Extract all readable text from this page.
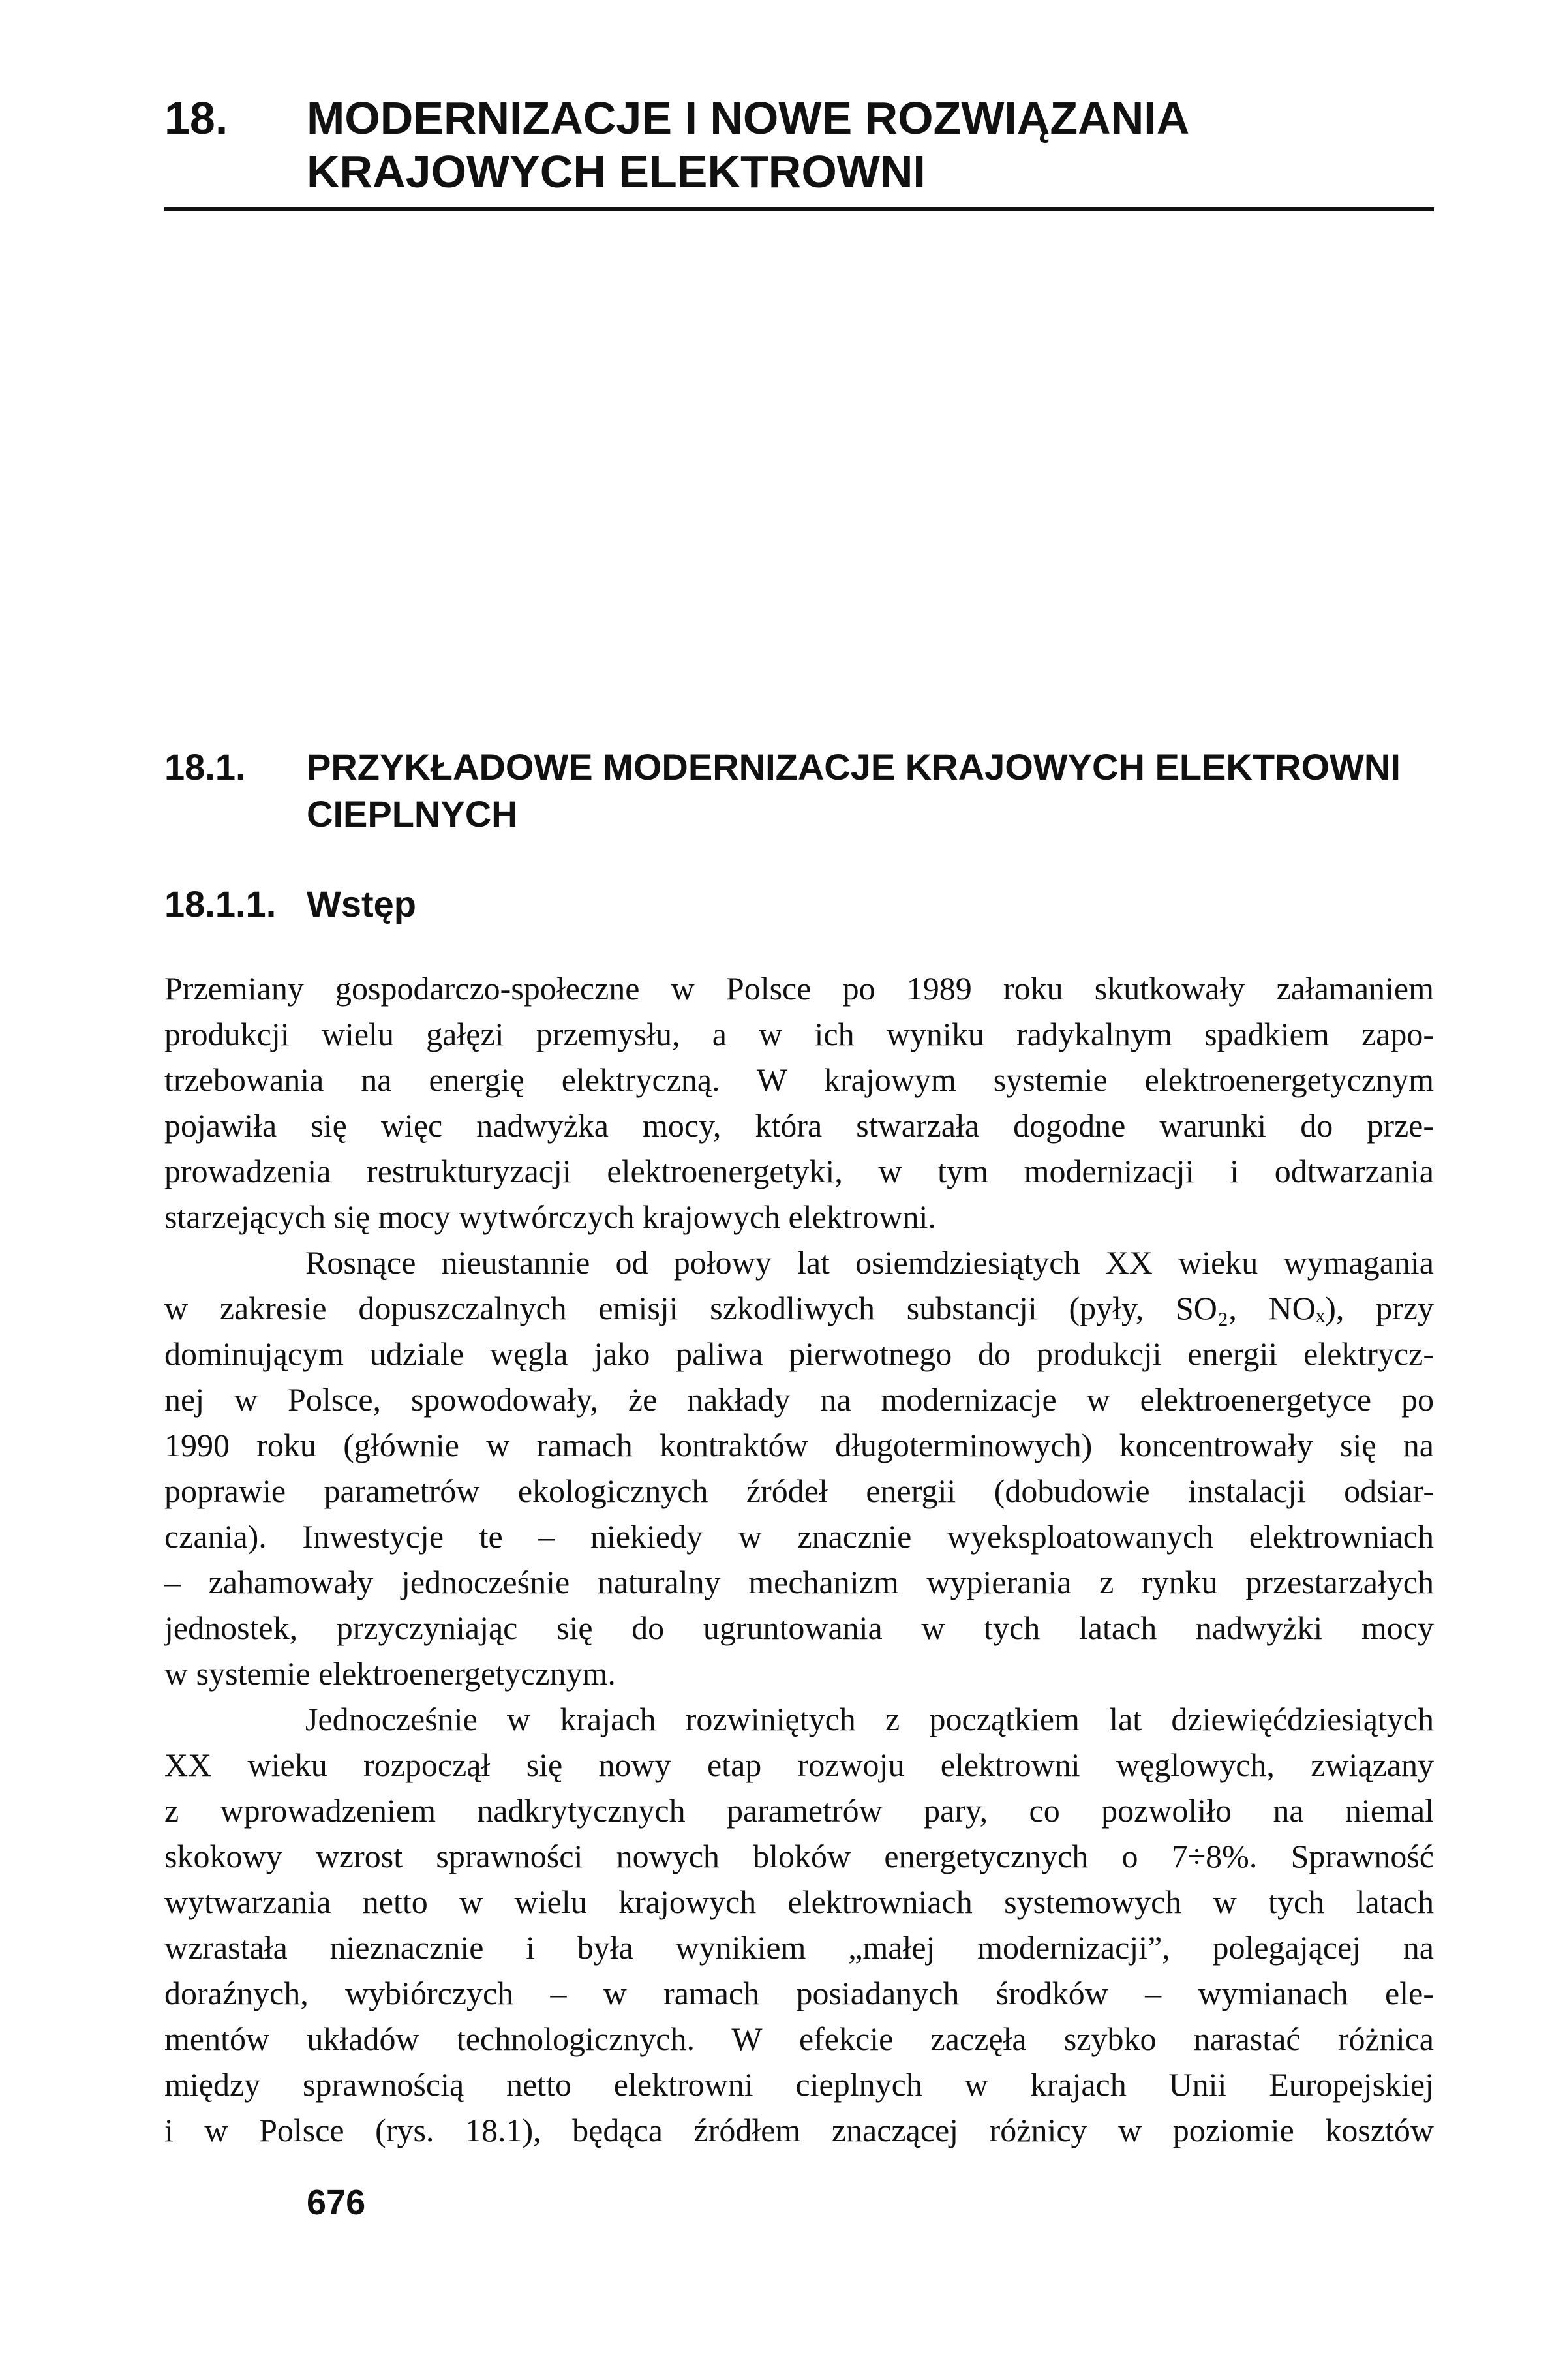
18.	MODERNIZACJE I NOWE ROZWIĄZANIA
KRAJOWYCH ELEKTROWNI
18.1.	PRZYKŁADOWE MODERNIZACJE KRAJOWYCH ELEKTROWNI
CIEPLNYCH
18.1.1. Wstęp
Przemiany gospodarczo-społeczne w Polsce po 1989 roku skutkowały załamaniem
produkcji wielu gałęzi przemysłu, a w ich wyniku radykalnym spadkiem zapo-
trzebowania na energię elektryczną. W krajowym systemie elektroenergetycznym
pojawiła się więc nadwyżka mocy, która stwarzała dogodne warunki do prze-
prowadzenia restrukturyzacji elektroenergetyki, w tym modernizacji i odtwarzania
starzejących się mocy wytwórczych krajowych elektrowni.
Rosnące nieustannie od połowy lat osiemdziesiątych XX wieku wymagania
w zakresie dopuszczalnych emisji szkodliwych substancji (pyły, SO₂, NOₓ), przy
dominującym udziale węgla jako paliwa pierwotnego do produkcji energii elektrycz-
nej w Polsce, spowodowały, że nakłady na modernizacje w elektroenergetyce po
1990 roku (głównie w ramach kontraktów długoterminowych) koncentrowały się na
poprawie parametrów ekologicznych źródeł energii (dobudowie instalacji odsiar-
czania). Inwestycje te – niekiedy w znacznie wyeksploatowanych elektrowniach
– zahamowały jednocześnie naturalny mechanizm wypierania z rynku przestarzałych
jednostek, przyczyniając się do ugruntowania w tych latach nadwyżki mocy
w systemie elektroenergetycznym.
Jednocześnie w krajach rozwiniętych z początkiem lat dziewięćdziesiątych
XX wieku rozpoczął się nowy etap rozwoju elektrowni węglowych, związany
z wprowadzeniem nadkrytycznych parametrów pary, co pozwoliło na niemal
skokowy wzrost sprawności nowych bloków energetycznych o 7÷8%. Sprawność
wytwarzania netto w wielu krajowych elektrowniach systemowych w tych latach
wzrastała nieznacznie i była wynikiem „małej modernizacji”, polegającej na
doraźnych, wybiórczych – w ramach posiadanych środków – wymianach ele-
mentów układów technologicznych. W efekcie zaczęła szybko narastać różnica
między sprawnością netto elektrowni cieplnych w krajach Unii Europejskiej
i w Polsce (rys. 18.1), będąca źródłem znaczącej różnicy w poziomie kosztów
676
